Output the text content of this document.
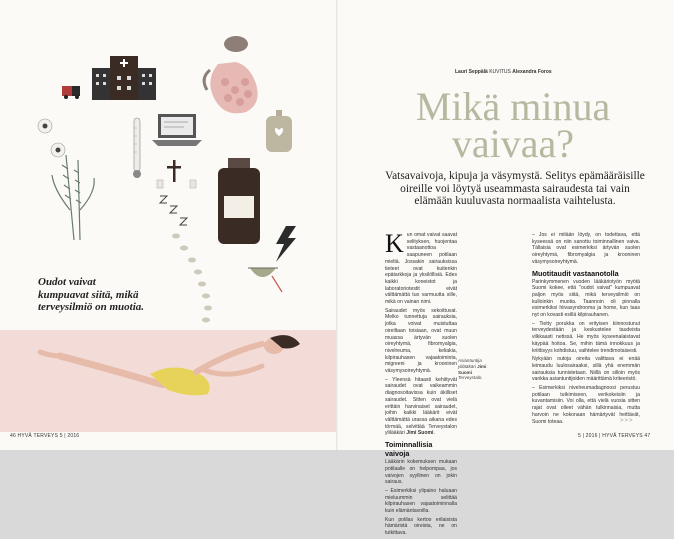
Oudot vaivat kumpuavat siitä, mikä terveysilmiö on muotia.

46 HYVÄ TERVEYS 5 | 2016
Lauri Seppälä KUVITUS Alexandra Foros
Mikä minua vaivaa?

Vatsavaivoja, kipuja ja väsymystä. Selitys epämääräisille oireille voi löytyä useammasta sairaudesta tai vain elämään kuuluvasta normaalista vaihtelusta.

Kun omat vaivat saavat selityksen, huojentaa vastaanottoa saapuneen potilaan mieltä. Jossakin sairauksissa tieteet ovat kuitenkin epätarkkoja ja yksilöllisiä. Edes kaikki koneistot ja laboratoriotestit eivät välttämättä tuo varmuutta sille, mikä on vainan nimi.

Sairaudet myös sekoittuvat. Melko tunnettuja sairauksia, jotka voivat muistuttaa oireiltaan toisiaan, ovat muun muassa ärtyvän suolen oireyhtymä, fibromyalgia, nivelreuma, keliakia, kilpirauhasen vajaatoiminta, migreeni ja krooninen väsymysoireyhtymä.

– Yleensä hitaasti kehittyvät sairaudet ovat vaikeammin diagnosoitavissa kuin äkilliset sairaudet. Sitten ovat vielä erittäin harvinaiset sairaudet, joihin kaikki lääkärit eivät välttämättä urassa aikana edes törmää, selvittää Terveystalon ylilääkäri Jimi Suomi.

Toiminnallisia vaivoja

Lääkärin kokemuksen mukaan potilaalle on helpompaa, jos vaivojen syyllinen on jokin sairaus.

– Esimerkiksi ylipaino haluaan mieluummin selittää kilpirauhasen vajaatoiminnalla kuin elämäntavoilla.

Kun potilas kertoo erilaisista hämäristä oireista, ne on tutkittava.

Asiantuntija ylilääkäri Jimi Suomi Terveystalo.

– Jos ei mitään löydy, on todettava, että kyseessä on niin sanottu toiminnallinen vaiva. Tällaisia ovat esimerkiksi ärtyvän suolen oireyhtymä, fibromyalgia ja krooninen väsymysoireyhtymä.

Muotitaudit vastaanotolla

Parinkymmenen vuoden lääkäriotyön myötä Suomi kokee, että "oudot vaivat" kumpuavat paljon myös siitä, mikä terveysilmiö on kulloinkin muotia. Taannoin oli pinnalla esimerkiksi hiivasyndrooma ja home, kun taas nyt on kovasti esillä kilpirauhanen.

– Tietty porukka on erityisen kiinnostunut terveydestään ja keskustelee taudeista vilkkaasti netissä. He myös kyseenalaistavat käypää hoitoa. Se, mihin tämä innokkuus ja kriittisyys kohdistuu, vaihtelee trendimotaisesti.

Nykyään outoja oireita valittava ei enää leimaudu luulosairaaksi, sillä yhä enemmän sairauksia tunnistetaan. Niillä on silloin myös vankka asiantuntijoiden määrittämä kriteeristö.

– Esimerkiksi nivelreumadiagnoosi perustuu potilaan tutkimiseen, verikokeisiin ja kuvantamisiin. Voi olla, että vielä vuosia sitten rajat ovat olleet vähän tulkinnaisia, mutta harvoin ne kokonaan hämärtyvät heittävät, Suomi toteaa.	>>>
5 | 2016 | HYVÄ TERVEYS 47
